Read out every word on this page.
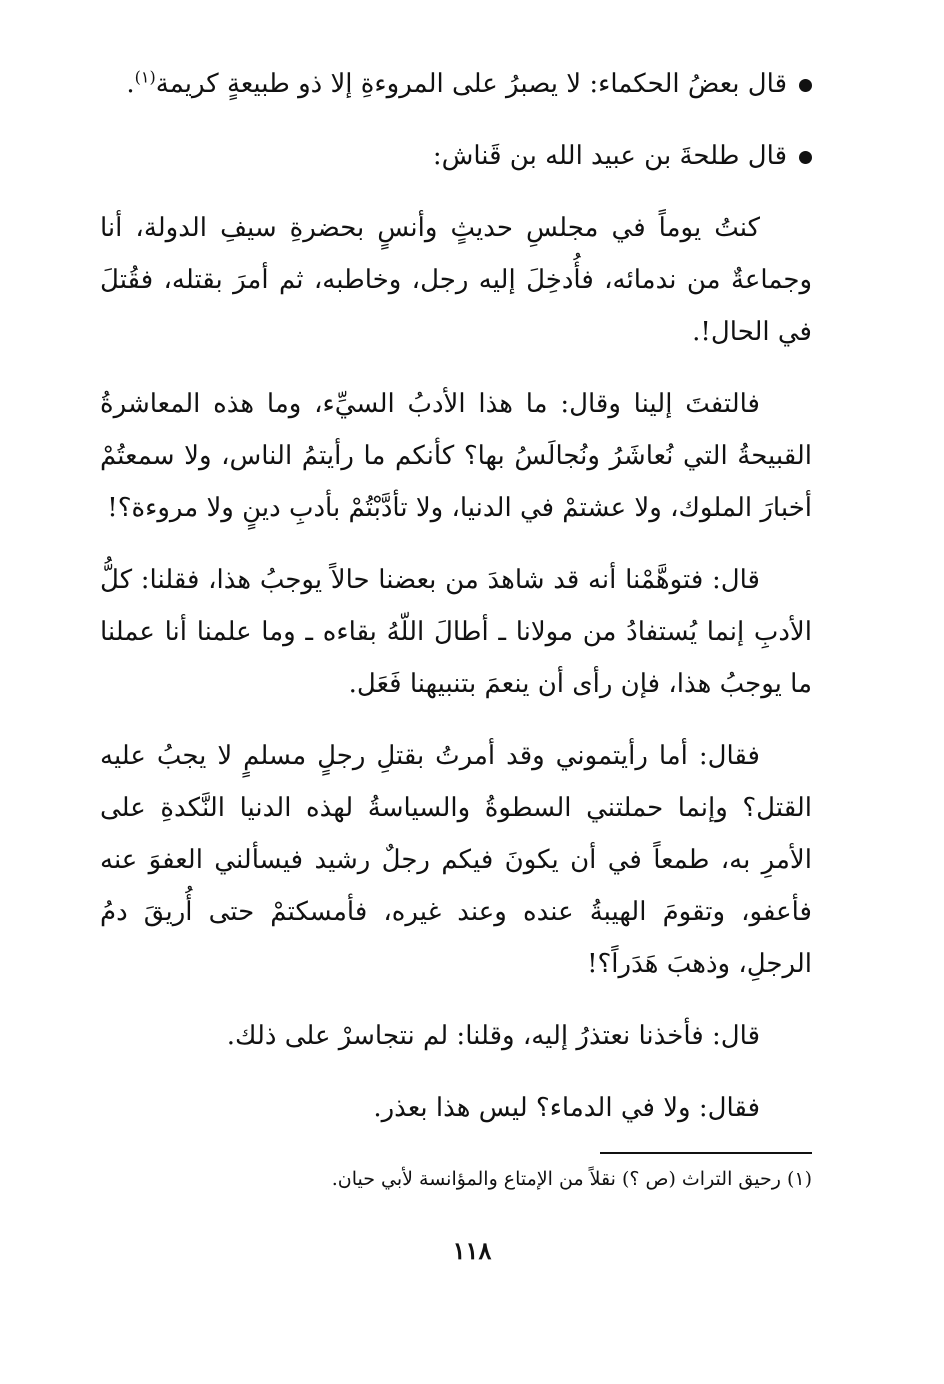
قال بعضُ الحكماء: لا يصبرُ على المروءةِ إلا ذو طبيعةٍ كريمة$^{(١)}$.

قال طلحةَ بن عبيد الله بن قَناش:

كنتُ يوماً في مجلسِ حديثٍ وأنسٍ بحضرةِ سيفِ الدولة، أنا وجماعةٌ من ندمائه، فأُدخِلَ إليه رجل، وخاطبه، ثم أمرَ بقتله، فقُتلَ في الحال!.

فالتفتَ إلينا وقال: ما هذا الأدبُ السيِّء، وما هذه المعاشرةُ القبيحةُ التي نُعاشَرُ ونُجالَسُ بها؟ كأنكم ما رأيتمُ الناس، ولا سمعتُمْ أخبارَ الملوك، ولا عشتمْ في الدنيا، ولا تأدَّبْتُمْ بأدبِ دينٍ ولا مروءة؟!

قال: فتوهَّمْنا أنه قد شاهدَ من بعضنا حالاً يوجبُ هذا، فقلنا: كلُّ الأدبِ إنما يُستفادُ من مولانا ـ أطالَ اللّهُ بقاءه ـ وما علمنا أنا عملنا ما يوجبُ هذا، فإن رأى أن ينعمَ بتنبيهنا فَعَل.

فقال: أما رأيتموني وقد أمرتُ بقتلِ رجلٍ مسلمٍ لا يجبُ عليه القتل؟ وإنما حملتني السطوةُ والسياسةُ لهذه الدنيا النَّكدةِ على الأمرِ به، طمعاً في أن يكونَ فيكم رجلٌ رشيد فيسألني العفوَ عنه فأعفو، وتقومَ الهيبةُ عنده وعند غيره، فأمسكتمْ حتى أُريقَ دمُ الرجلِ، وذهبَ هَدَراً؟!

قال: فأخذنا نعتذرُ إليه، وقلنا: لم نتجاسرْ على ذلك.

فقال: ولا في الدماء؟ ليس هذا بعذر.

(١) رحيق التراث (ص ؟) نقلاً من الإمتاع والمؤانسة لأبي حيان.
١١٨
